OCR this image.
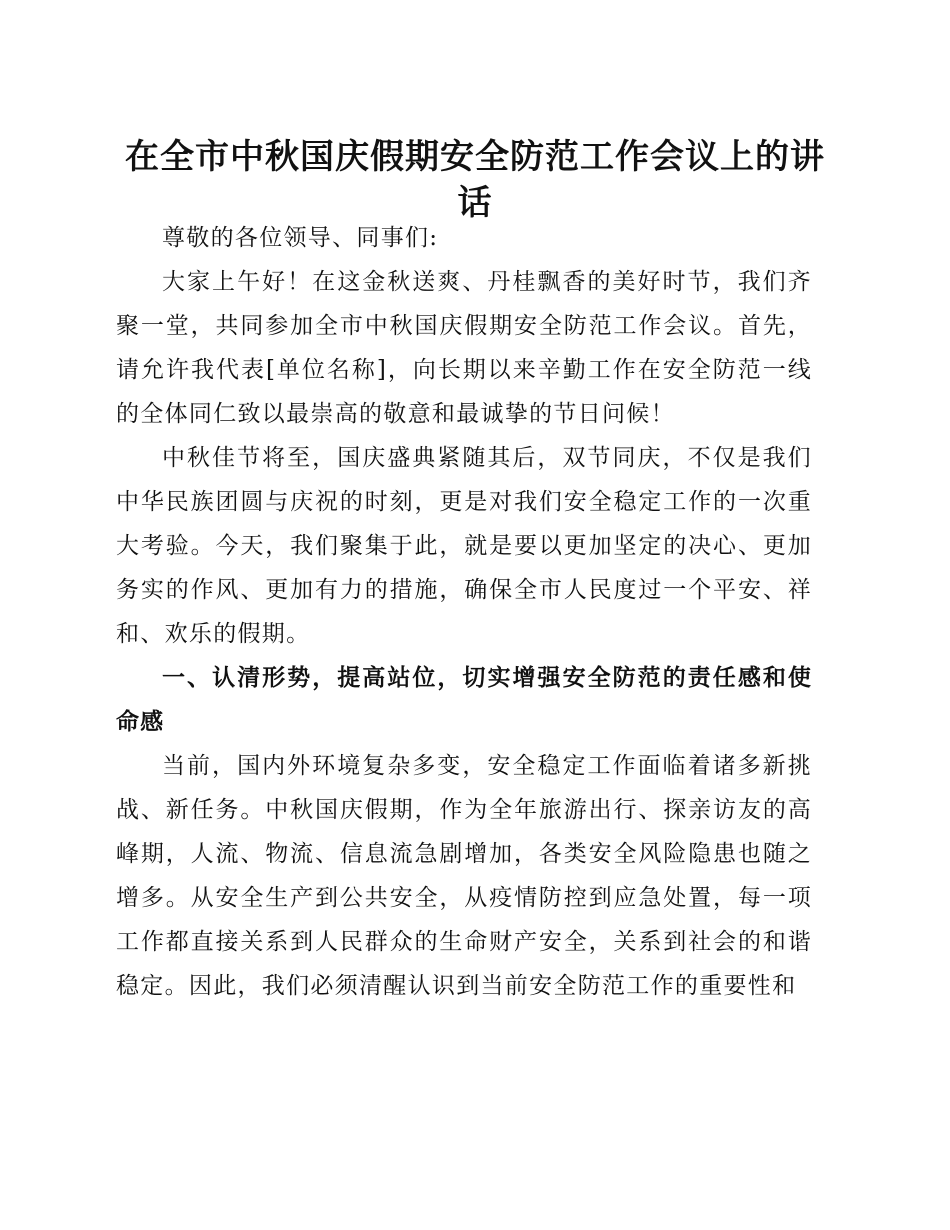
在全市中秋国庆假期安全防范工作会议上的讲话

尊敬的各位领导、同事们:

大家上午好！在这金秋送爽、丹桂飘香的美好时节，我们齐聚一堂，共同参加全市中秋国庆假期安全防范工作会议。首先，请允许我代表[单位名称]，向长期以来辛勤工作在安全防范一线的全体同仁致以最崇高的敬意和最诚挚的节日问候！

中秋佳节将至，国庆盛典紧随其后，双节同庆，不仅是我们中华民族团圆与庆祝的时刻，更是对我们安全稳定工作的一次重大考验。今天，我们聚集于此，就是要以更加坚定的决心、更加务实的作风、更加有力的措施，确保全市人民度过一个平安、祥和、欢乐的假期。

一、认清形势，提高站位，切实增强安全防范的责任感和使命感

当前，国内外环境复杂多变，安全稳定工作面临着诸多新挑战、新任务。中秋国庆假期，作为全年旅游出行、探亲访友的高峰期，人流、物流、信息流急剧增加，各类安全风险隐患也随之增多。从安全生产到公共安全，从疫情防控到应急处置，每一项工作都直接关系到人民群众的生命财产安全，关系到社会的和谐稳定。因此，我们必须清醒认识到当前安全防范工作的重要性和
